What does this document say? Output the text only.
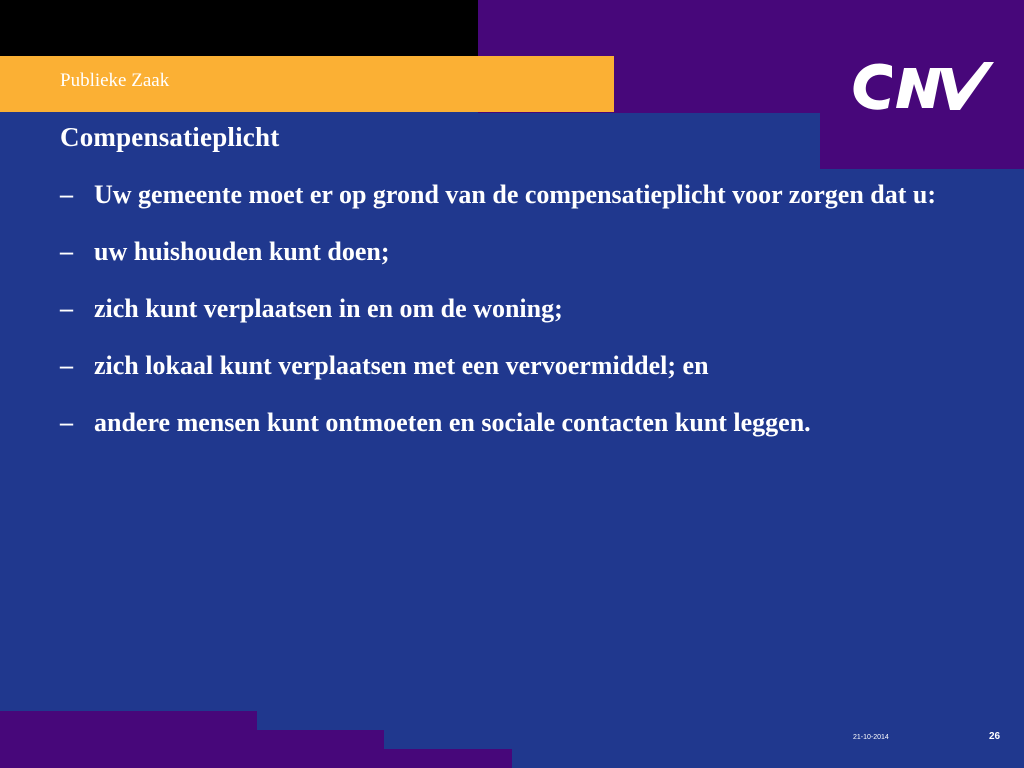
Publieke Zaak
Compensatieplicht
– Uw gemeente moet er op grond van de compensatieplicht voor zorgen dat u:
– uw huishouden kunt doen;
– zich kunt verplaatsen in en om de woning;
– zich lokaal kunt verplaatsen met een vervoermiddel; en
– andere mensen kunt ontmoeten en sociale contacten kunt leggen.
21-10-2014	26
